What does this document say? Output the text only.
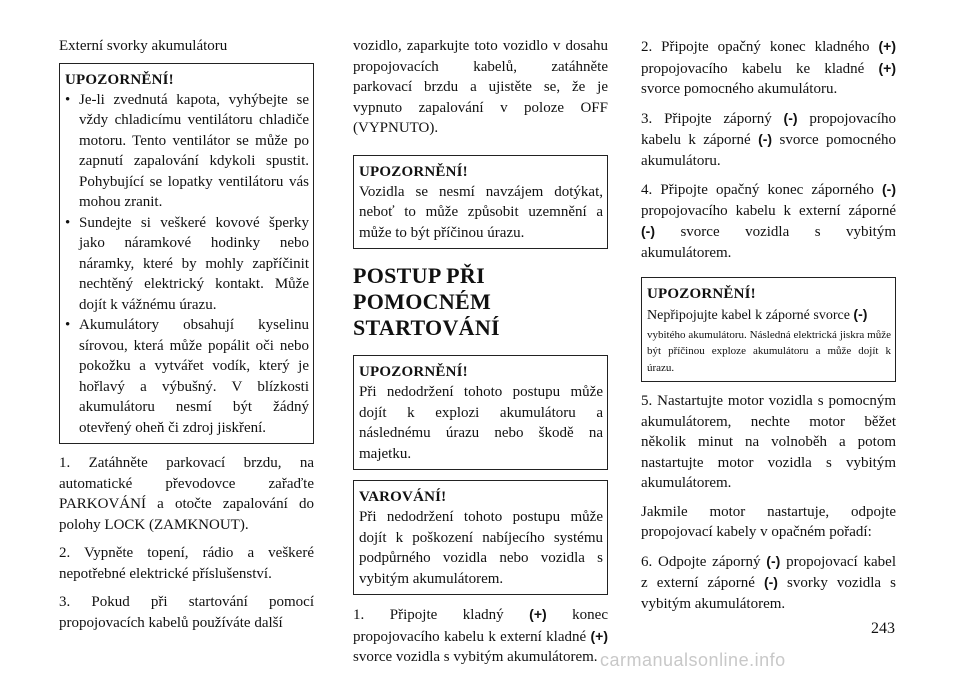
Externí svorky akumulátoru

UPOZORNĚNÍ!
• Je-li zvednutá kapota, vyhýbejte se vždy chladicímu ventilátoru chladiče motoru. Tento ventilátor se může po zapnutí zapalování kdykoli spustit. Pohybující se lopatky ventilátoru vás mohou zranit.
• Sundejte si veškeré kovové šperky jako náramkové hodinky nebo náramky, které by mohly zapříčinit nechtěný elektrický kontakt. Může dojít k vážnému úrazu.
• Akumulátory obsahují kyselinu sírovou, která může popálit oči nebo pokožku a vytvářet vodík, který je hořlavý a výbušný. V blízkosti akumulátoru nesmí být žádný otevřený oheň či zdroj jiskření.

1. Zatáhněte parkovací brzdu, na automatické převodovce zařaďte PARKOVÁNÍ a otočte zapalování do polohy LOCK (ZAMKNOUT).

2. Vypněte topení, rádio a veškeré nepotřebné elektrické příslušenství.

3. Pokud při startování pomocí propojovacích kabelů používáte další

vozidlo, zaparkujte toto vozidlo v dosahu propojovacích kabelů, zatáhněte parkovací brzdu a ujistěte se, že je vypnuto zapalování v poloze OFF (VYPNUTO).

UPOZORNĚNÍ!
Vozidla se nesmí navzájem dotýkat, neboť to může způsobit uzemnění a může to být příčinou úrazu.
POSTUP PŘI POMOCNÉM STARTOVÁNÍ
UPOZORNĚNÍ!
Při nedodržení tohoto postupu může dojít k explozi akumulátoru a následnému úrazu nebo škodě na majetku.
VAROVÁNÍ!
Při nedodržení tohoto postupu může dojít k poškození nabíjecího systému podpůrného vozidla nebo vozidla s vybitým akumulátorem.

1. Připojte kladný (+) konec propojovacího kabelu k externí kladné (+) svorce vozidla s vybitým akumulátorem.

2. Připojte opačný konec kladného (+) propojovacího kabelu ke kladné (+) svorce pomocného akumulátoru.

3. Připojte záporný (-) propojovacího kabelu k záporné (-) svorce pomocného akumulátoru.

4. Připojte opačný konec záporného (-) propojovacího kabelu k externí záporné (-) svorce vozidla s vybitým akumulátorem.

UPOZORNĚNÍ!
Nepřipojujte kabel k záporné svorce (-)
vybitého akumulátoru. Následná elektrická jiskra může být příčinou exploze akumulátoru a může dojít k úrazu.

5. Nastartujte motor vozidla s pomocným akumulátorem, nechte motor běžet několik minut na volnoběh a potom nastartujte motor vozidla s vybitým akumulátorem.

Jakmile motor nastartuje, odpojte propojovací kabely v opačném pořadí:

6. Odpojte záporný (-) propojovací kabel z externí záporné (-) svorky vozidla s vybitým akumulátorem.

243
carmanualsonline.info
